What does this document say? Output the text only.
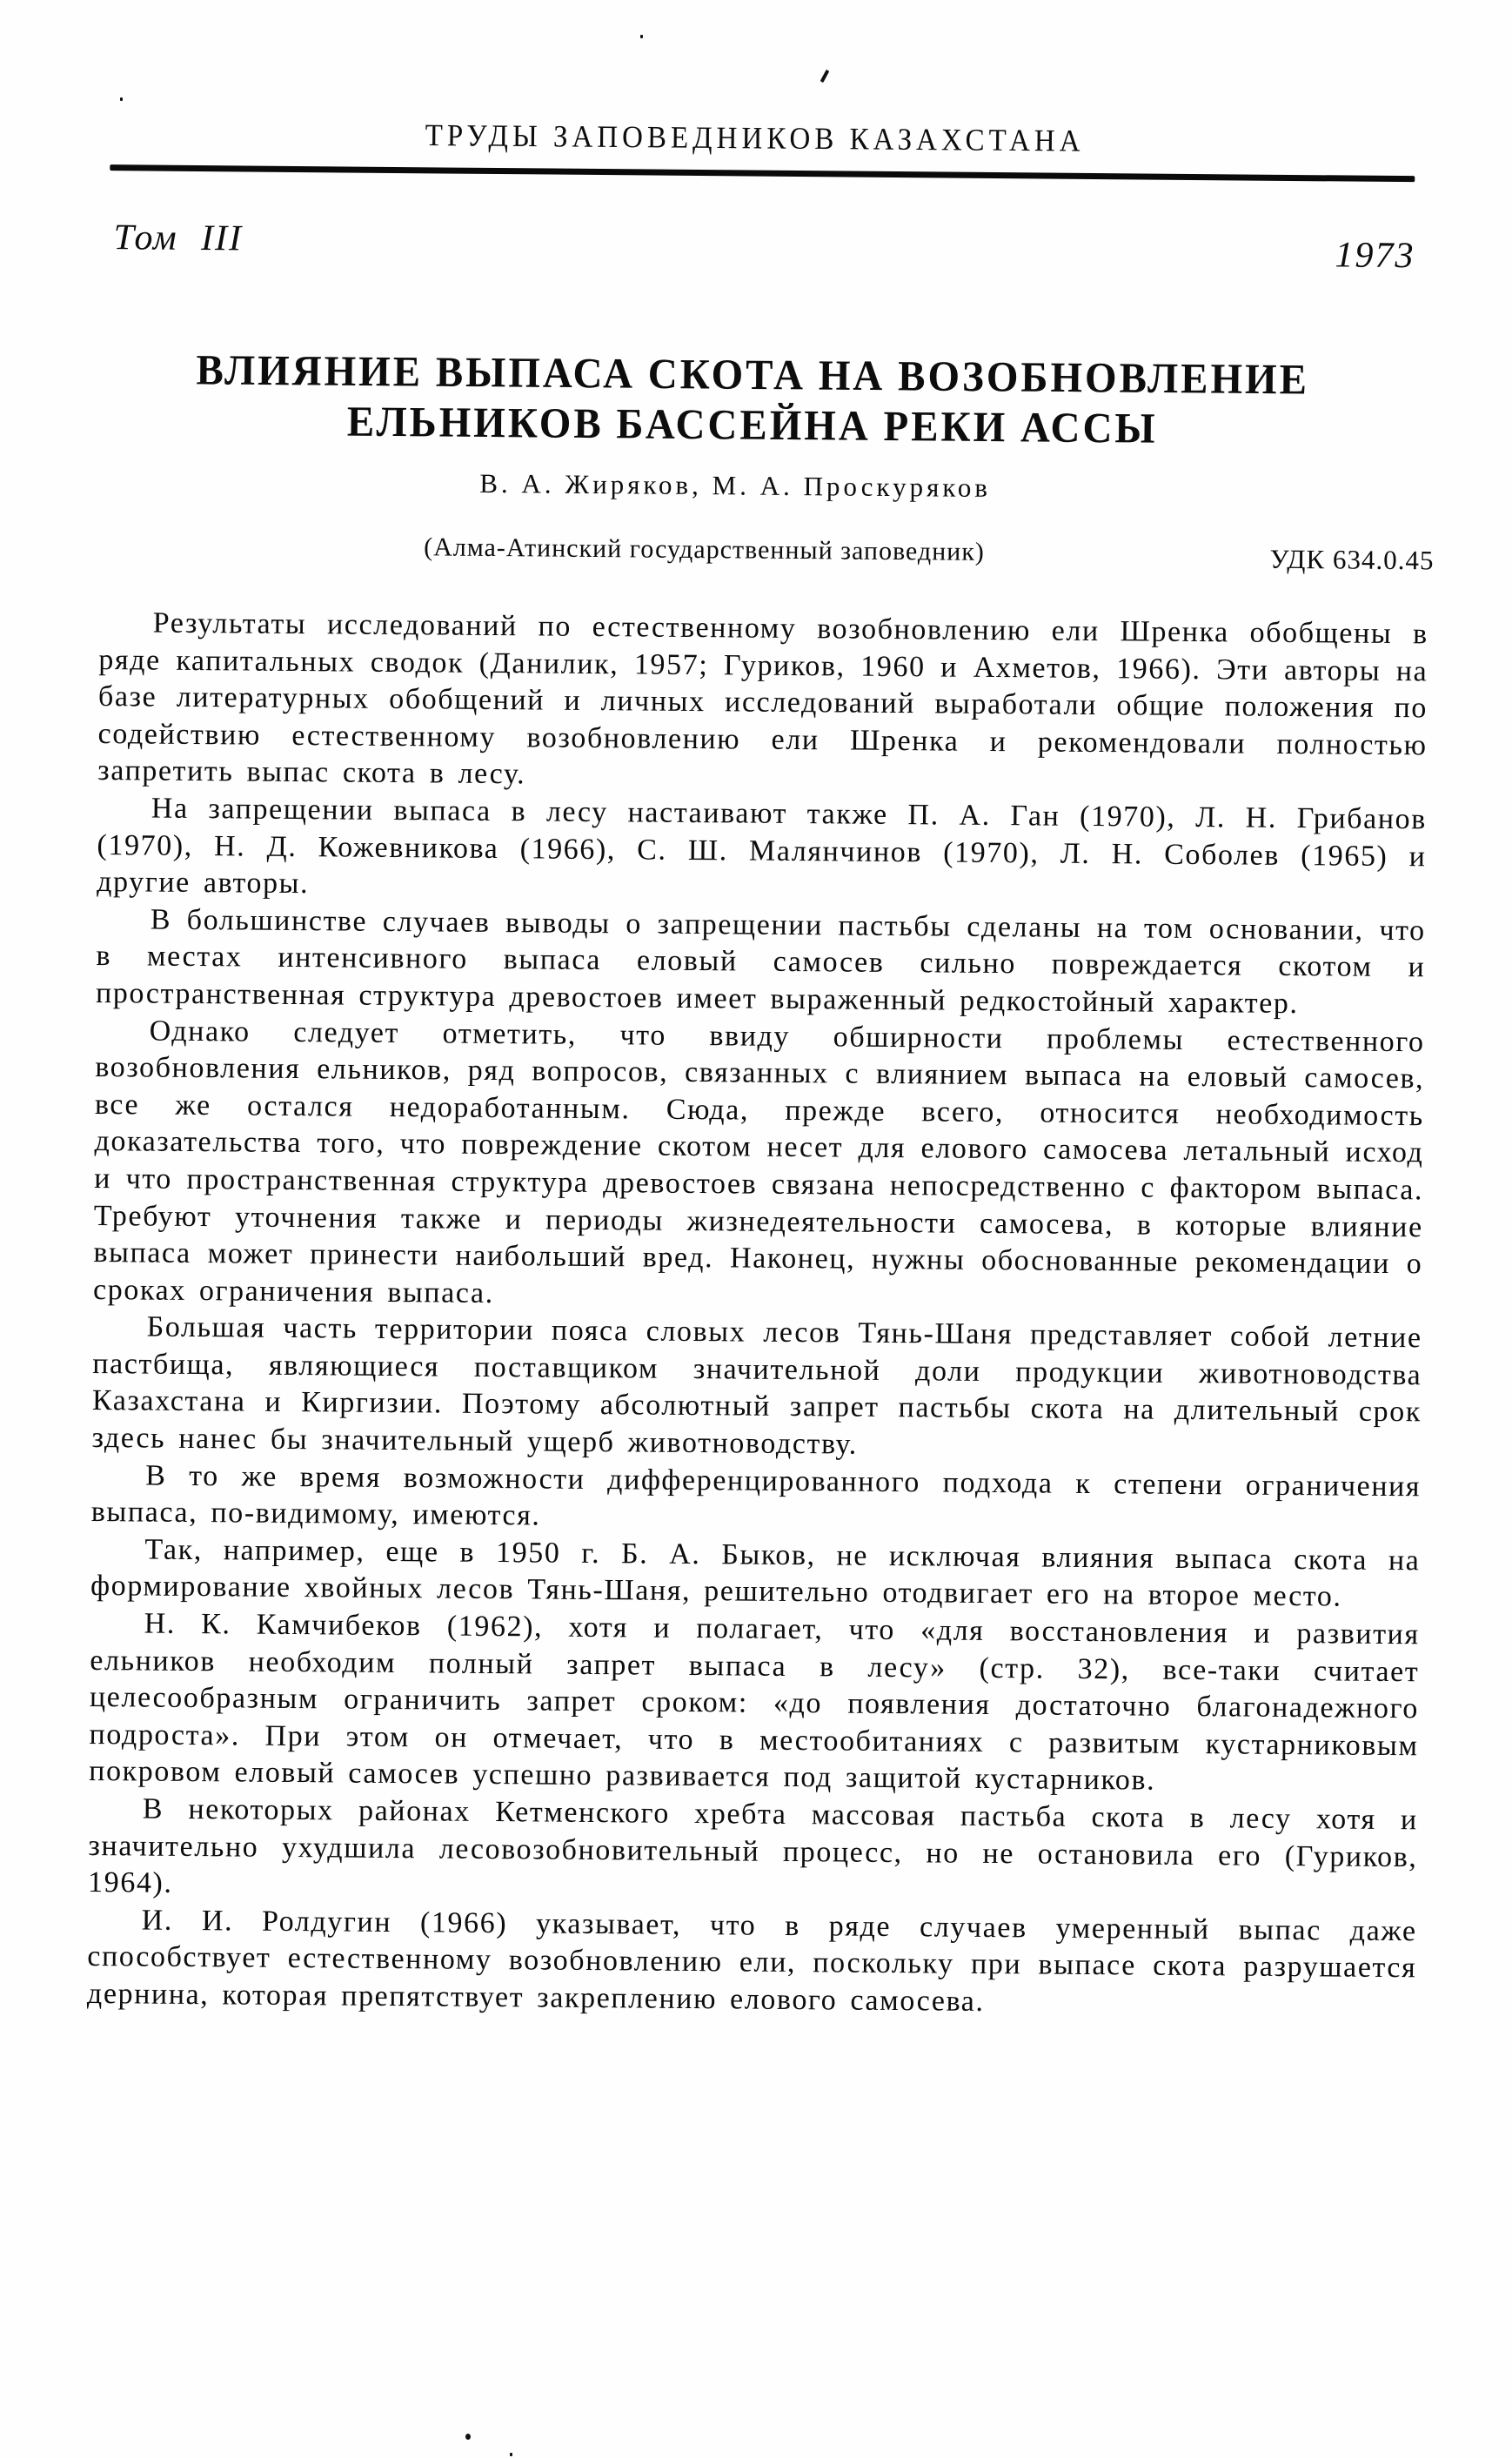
ТРУДЫ ЗАПОВЕДНИКОВ КАЗАХСТАНА
Том III	1973
ВЛИЯНИЕ ВЫПАСА СКОТА НА ВОЗОБНОВЛЕНИЕ
ЕЛЬНИКОВ БАССЕЙНА РЕКИ АССЫ
В. А. Жиряков, М. А. Проскуряков
(Алма-Атинский государственный заповедник)	УДК 634.0.45

Результаты исследований по естественному возобновлению ели Шренка обобщены в ряде капитальных сводок (Данилик, 1957; Гуриков, 1960 и Ахметов, 1966). Эти авторы на базе литературных обобщений и личных исследований выработали общие положения по содействию естественному возобновлению ели Шренка и рекомендовали полностью запретить выпас скота в лесу.

На запрещении выпаса в лесу настаивают также П. А. Ган (1970), Л. Н. Грибанов (1970), Н. Д. Кожевникова (1966), С. Ш. Малянчинов (1970), Л. Н. Соболев (1965) и другие авторы.

В большинстве случаев выводы о запрещении пастьбы сделаны на том основании, что в местах интенсивного выпаса еловый самосев сильно повреждается скотом и пространственная структура древостоев имеет выраженный редкостойный характер.

Однако следует отметить, что ввиду обширности проблемы естественного возобновления ельников, ряд вопросов, связанных с влиянием выпаса на еловый самосев, все же остался недоработанным. Сюда, прежде всего, относится необходимость доказательства того, что повреждение скотом несет для елового самосева летальный исход и что пространственная структура древостоев связана непосредственно с фактором выпаса. Требуют уточнения также и периоды жизнедеятельности самосева, в которые влияние выпаса может принести наибольший вред. Наконец, нужны обоснованные рекомендации о сроках ограничения выпаса.

Большая часть территории пояса словых лесов Тянь-Шаня представляет собой летние пастбища, являющиеся поставщиком значительной доли продукции животноводства Казахстана и Киргизии. Поэтому абсолютный запрет пастьбы скота на длительный срок здесь нанес бы значительный ущерб животноводству.

В то же время возможности дифференцированного подхода к степени ограничения выпаса, по-видимому, имеются.

Так, например, еще в 1950 г. Б. А. Быков, не исключая влияния выпаса скота на формирование хвойных лесов Тянь-Шаня, решительно отодвигает его на второе место.

Н. К. Камчибеков (1962), хотя и полагает, что «для восстановления и развития ельников необходим полный запрет выпаса в лесу» (стр. 32), все-таки считает целесообразным ограничить запрет сроком: «до появления достаточно благонадежного подроста». При этом он отмечает, что в местообитаниях с развитым кустарниковым покровом еловый самосев успешно развивается под защитой кустарников.

В некоторых районах Кетменского хребта массовая пастьба скота в лесу хотя и значительно ухудшила лесовозобновительный процесс, но не остановила его (Гуриков, 1964).

И. И. Ролдугин (1966) указывает, что в ряде случаев умеренный выпас даже способствует естественному возобновлению ели, поскольку при выпасе скота разрушается дернина, которая препятствует закреплению елового самосева.
